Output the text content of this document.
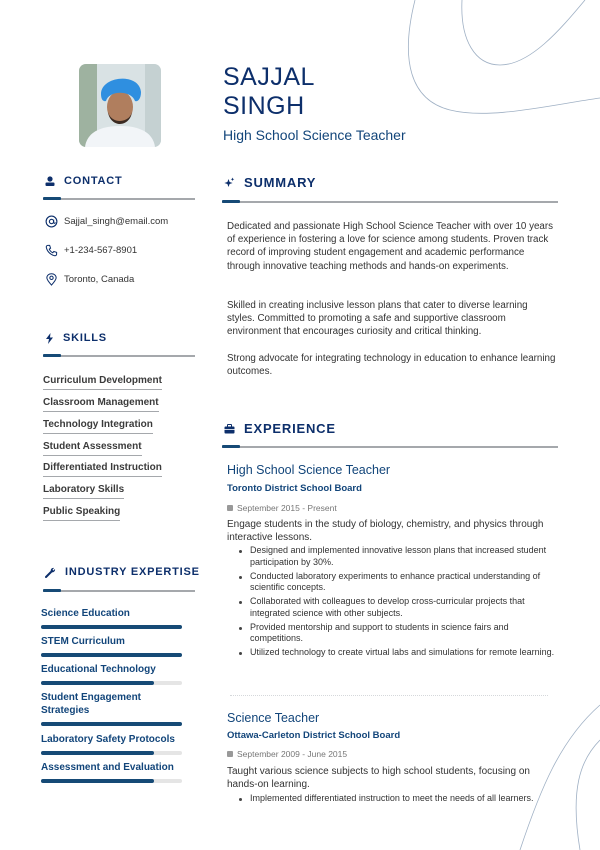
SAJJAL
SINGH
High School Science Teacher
CONTACT
Sajjal_singh@email.com
+1-234-567-8901
Toronto, Canada
SKILLS
Curriculum Development
Classroom Management
Technology Integration
Student Assessment
Differentiated Instruction
Laboratory Skills
Public Speaking
INDUSTRY EXPERTISE
Science Education
STEM Curriculum
Educational Technology
Student Engagement Strategies
Laboratory Safety Protocols
Assessment and Evaluation
SUMMARY
Dedicated and passionate High School Science Teacher with over 10 years of experience in fostering a love for science among students. Proven track record of improving student engagement and academic performance through innovative teaching methods and hands-on experiments.
Skilled in creating inclusive lesson plans that cater to diverse learning styles. Committed to promoting a safe and supportive classroom environment that encourages curiosity and critical thinking.
Strong advocate for integrating technology in education to enhance learning outcomes.
EXPERIENCE
High School Science Teacher
Toronto District School Board
September 2015 - Present
Engage students in the study of biology, chemistry, and physics through interactive lessons.
Designed and implemented innovative lesson plans that increased student participation by 30%.
Conducted laboratory experiments to enhance practical understanding of scientific concepts.
Collaborated with colleagues to develop cross-curricular projects that integrated science with other subjects.
Provided mentorship and support to students in science fairs and competitions.
Utilized technology to create virtual labs and simulations for remote learning.
Science Teacher
Ottawa-Carleton District School Board
September 2009 - June 2015
Taught various science subjects to high school students, focusing on hands-on learning.
Implemented differentiated instruction to meet the needs of all learners.
